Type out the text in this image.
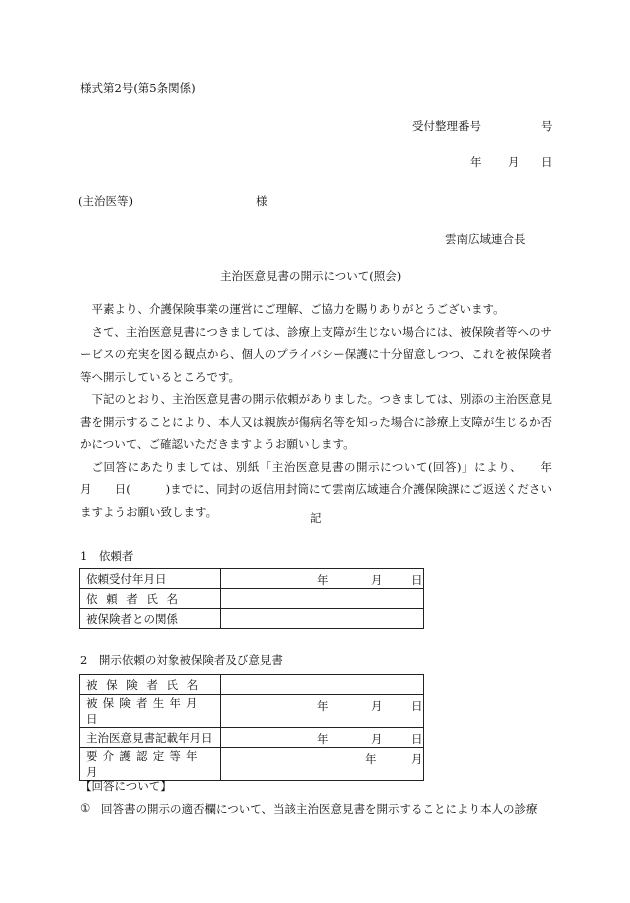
様式第2号(第5条関係)
受付整理番号	号
年 月 日
(主治医等)	様
雲南広域連合長
主治医意見書の開示について(照会)

平素より、介護保険事業の運営にご理解、ご協力を賜りありがとうございます。

さて、主治医意見書につきましては、診療上支障が生じない場合には、被保険者等へのサービスの充実を図る観点から、個人のプライバシー保護に十分留意しつつ、これを被保険者等へ開示しているところです。

下記のとおり、主治医意見書の開示依頼がありました。つきましては、別添の主治医意見書を開示することにより、本人又は親族が傷病名等を知った場合に診療上支障が生じるか否かについて、ご確認いただきますようお願いします。

ご回答にあたりましては、別紙「主治医意見書の開示について(回答)」により、　　年　　月　　日(　　　)までに、同封の返信用封筒にて雲南広域連合介護保険課にご返送くださいますようお願い致します。	記
1　依頼者
依頼受付年月日	年 月 日

依頼者氏名	
被保険者との関係	
2　開示依頼の対象被保険者及び意見書
被保険者氏名	
被保険者生年月日	年 月 日

主治医意見書記載年月日	年 月 日

要介護認定等年月	年 月
【回答について】
① 回答書の開示の適否欄について、当該主治医意見書を開示することにより本人の診療
